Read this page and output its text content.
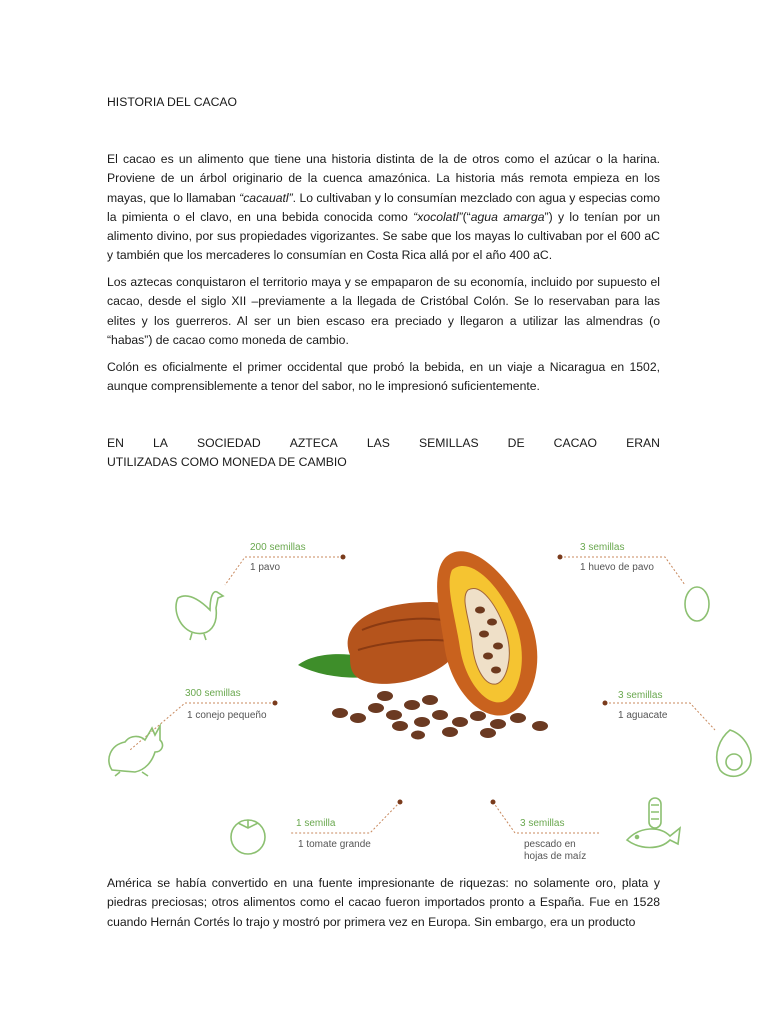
HISTORIA DEL CACAO
El cacao es un alimento que tiene una historia distinta de la de otros como el azúcar o la harina. Proviene de un árbol originario de la cuenca amazónica. La historia más remota empieza en los mayas, que lo llamaban “cacauatl”. Lo cultivaban y lo consumían mezclado con agua y especias como la pimienta o el clavo, en una bebida conocida como “xocolatl”(“agua amarga”) y lo tenían por un alimento divino, por sus propiedades vigorizantes. Se sabe que los mayas lo cultivaban por el 600 aC y también que los mercaderes lo consumían en Costa Rica allá por el año 400 aC.
Los aztecas conquistaron el territorio maya y se empaparon de su economía, incluido por supuesto el cacao, desde el siglo XII –previamente a la llegada de Cristóbal Colón. Se lo reservaban para las elites y los guerreros. Al ser un bien escaso era preciado y llegaron a utilizar las almendras (o “habas”) de cacao como moneda de cambio.
Colón es oficialmente el primer occidental que probó la bebida, en un viaje a Nicaragua en 1502, aunque comprensiblemente a tenor del sabor, no le impresionó suficientemente.
EN LA SOCIEDAD AZTECA LAS SEMILLAS DE CACAO ERAN
UTILIZADAS COMO MONEDA DE CAMBIO
200 semillas
1 pavo
3 semillas
1 huevo de pavo
300 semillas
1 conejo pequeño
3 semillas
1 aguacate
1 semilla
1 tomate grande
3 semillas
pescado en
hojas de maíz
América se había convertido en una fuente impresionante de riquezas: no solamente oro, plata y piedras preciosas; otros alimentos como el cacao fueron importados pronto a España. Fue en 1528 cuando Hernán Cortés lo trajo y mostró por primera vez en Europa. Sin embargo, era un producto
